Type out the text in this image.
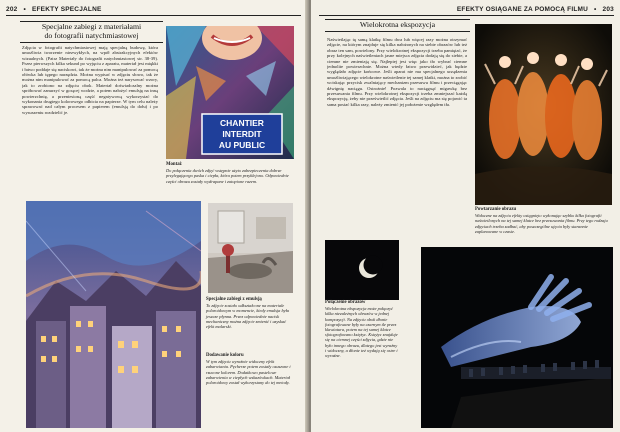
202 • EFEKTY SPECJALNE
Specjalne zabiegi z materiałami
do fotografii natychmiastowej
Zdjęcia w fotografii natychmiastowej mają specjalną budowę, która umożliwia tworzenie niezwykłych, na wpół abstrakcyjnych efektów wizualnych. (Patrz Materiały do fotografii natychmiastowej str. 38-39). Przez pierwszych kilka sekund po wyjęciu z aparatu, materiał jest miękki i łatwo poddaje się naciskowi, tak że można nim manipulować za pomocą ołówka lub tępego narzędzia. Można wypisać w zdjęciu słowo, tak że można nim manipulować za pomocą palca. Można też narysować wzory, jak to zrobiono na zdjęciu obok. Materiał doświadczalny można spróbować zanurzyć w gorącej wodzie, a potem nałożyć emulsję na inną powierzchnię, a przeniesioną część negatywową wykorzystać do wykonania drugiego kolorowego odbicia na papierze. W tym celu należy sprawować nad całym procesem z papierem (emulsją do dołu) i po wysuszeniu rozdzielić je.
CHANTIER
INTERDIT
AU PUBLIC
Montaż
Do połączenia dwóch zdjęć wstępnie użyto zabezpieczenia dobrze przylegającego paska i ciepła, która potem przyklejono. Odpowiednie części obrazu zostały wydrapane i zatopione razem.
Specjalne zabiegi z emulsją
To zdjęcie zostało odkształcone na materiale polaroidowym w momencie, kiedy emulsja była jeszcze płynna. Przez odpowiednie nacisk mechaniczny można zdjęcie zmienić i uzyskać efekt malarski.
Dodawanie koloru
W tym zdjęciu wyraźnie widoczny efekt zabarwiania. Pęcherze potem zostały osuszone i rzucone kolorem. Dodatkowo pastelowe zabarwienia w ciepłych wskazówkach. Materiał polaroidowy został wykorzystany do tej metody.
EFEKTY OSIĄGANE ZA POMOCĄ FILMU • 203
Wielokrotna ekspozycja
Naświetlając tę samą klatkę filmu dwa lub więcej razy można otrzymać zdjęcie, na którym znajduje się kilka nałożonych na siebie obrazów lub też obraz ten sam, powielony. Przy wielokrotnej ekspozycji trzeba pamiętać, że przy kolejnych naświetleniach jasne miejsca zdjęcia dodają się do siebie, a ciemne nie zmieniają się. Najlepiej jest więc jako tło wybrać ciemne jednolite powierzchnie. Można wtedy łatwo przewidzieć, jak będzie wyglądało zdjęcie końcowe. Jeśli aparat nie ma specjalnego urządzenia umożliwiającego wielokrotne naświetlenie tej samej klatki, można to zrobić wciskając przycisk zwalniający mechanizm przesuwu filmu i przeciągając dźwignię naciągu. Ostrożnie! Pozwala to naciągnąć migawkę bez przesuwania filmu. Przy wielokrotnej ekspozycji trzeba zmniejszać każdą ekspozycję, żeby nie prześwietlić zdjęcia. Jeśli na zdjęciu ma się pojawić ta sama postać kilka razy, należy zmienić jej położenie względem tła.
Powtarzanie obrazu
Widoczne na zdjęciu efekty osiągnięto wykonując szybko kilka fotografii naświetlonych na tej samej klatce bez przesuwania filmu. Przy tego rodzaju zdjęciach trzeba zadbać, aby poszczególne ujęcia były starannie zaplanowane w czasie.
Połączenie obrazów
Wielokrotna ekspozycja może połączyć kilka niezależnych obrazów w jednej kompozycji. Na zdjęciu obok dłonie fotografowane były na czarnym tle przez klawiatura, potem na tej samej klatce sfotografowano księżyc. Księżyc znajduje się na ciemnej części zdjęcia, gdzie nie było innego obrazu, dlatego jest wyraźny i widoczny, a dłonie też wydają się ostre i wyraźne.
